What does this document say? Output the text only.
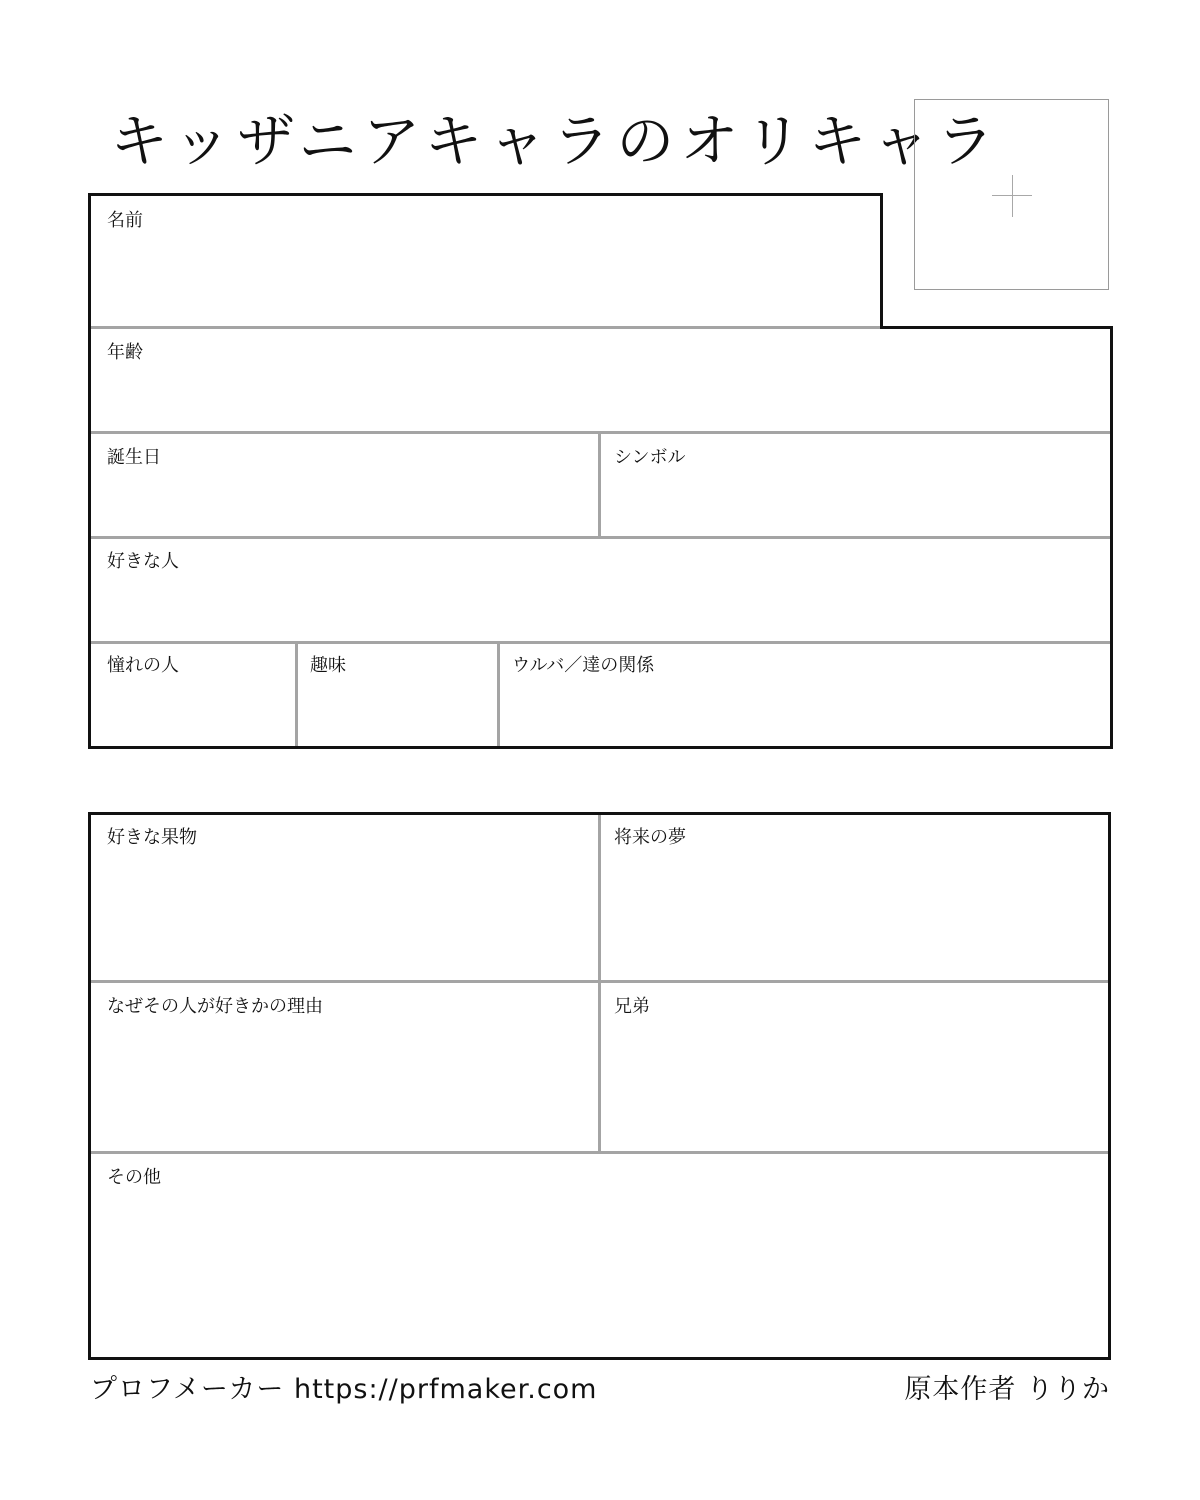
キッザニアキャラのオリキャラ
名前
年齢
誕生日	シンボル
好きな人
憧れの人	趣味	ウルバ／達の関係
好きな果物	将来の夢
なぜその人が好きかの理由	兄弟
その他
プロフメーカー https://prfmaker.com	原本作者 りりか
